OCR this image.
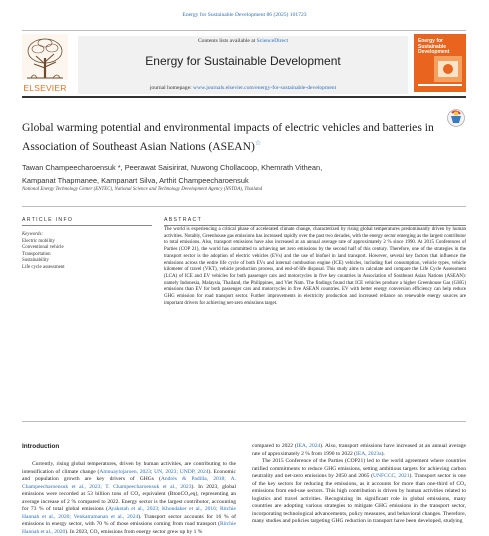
Energy for Sustainable Development 86 (2025) 101723
ELSEVIER
Contents lists available at ScienceDirect
Energy for Sustainable Development
journal homepage: www.journals.elsevier.com/energy-for-sustainable-development
Energy for Sustainable Development
Global warming potential and environmental impacts of electric vehicles and batteries in Association of Southeast Asian Nations (ASEAN)☆
Tawan Champeecharoensuk *, Peerawat Saisirirat, Nuwong Chollacoop, Khemrath Vithean,
Kampanat Thapmanee, Kampanart Silva, Arthit Champeecharoensuk
National Energy Technology Center (ENTEC), National Science and Technology Development Agency (NSTDA), Thailand
ARTICLE INFO	ABSTRACT
Keywords:
Electric mobility
Conventional vehicle
Transportation
Sustainability
Life cycle assessment
The world is experiencing a critical phase of accelerated climate change, characterized by rising global temperatures predominantly driven by human activities. Notably, Greenhouse gas emissions has increased rapidly over the past two decades, with the energy sector emerging as the largest contributor to total emissions. Also, transport emissions have also increased at an annual average rate of approximately 2 % since 1990. At 2015 Conferences of Parties (COP 21), the world has committed to achieving net zero emissions by the second half of this century. Therefore, one of the strategies in the transport sector is the adoption of electric vehicles (EVs) and the use of biofuel in land transport. However, several key factors that influence the emissions across the entire life cycle of both EVs and internal combustion engine (ICE) vehicles, including fuel consumption, vehicle types, vehicle kilometer of travel (VKT), vehicle production process, and end-of-life disposal. This study aims to calculate and compare the Life Cycle Assessment (LCA) of ICE and EV vehicles for both passenger cars and motorcycles in five key countries in Association of Southeast Asian Nations (ASEAN): namely Indonesia, Malaysia, Thailand, the Philippines, and Viet Nam. The findings found that ICE vehicles produce a higher Greenhouse Gas (GHG) emissions than EV for both passenger cars and motorcycles in five ASEAN countries. EV with better energy conversion efficiency can help reduce GHG emission for road transport sector. Further improvements in electricity production and increased reliance on renewable energy sources are important drivers for achieving net-zero emissions target.
Introduction
Currently, rising global temperatures, driven by human activities, are contributing to the intensification of climate change (Amnuaylojaroen, 2023; UN, 2023; UNDP, 2024). Economic and population growth are key drivers of GHGs (Andrés & Padilla, 2018; A. Champeecharoensuk et al., 2023; T. Champeecharoensuk et al., 2023). In 2023, global emissions were recorded at 53 billion tons of CO₂ equivalent (BtonCO₂eq), representing an average increase of 2 % compared to 2022. Energy sector is the largest contributor, accounting for 73 % of total global emissions (Ayaketah et al., 2023; Khondaker et al., 2016; Ritchie Hannah et al., 2020; Venkatramanan et al., 2024). Transport sector accounts for 16 % of emissions in energy sector, with 70 % of those emissions coming from road transport (Ritchie Hannah et al., 2020). In 2023, CO₂ emissions from energy sector grew up by 1 %
compared to 2022 (IEA, 2024). Also, transport emissions have increased at an annual average rate of approximately 2 % from 1990 to 2022 (IEA, 2023a).
The 2015 Conference of the Parties (COP21) led to the world agreement where countries ratified commitments to reduce GHG emissions, setting ambitious targets for achieving carbon neutrality and net-zero emissions by 2050 and 2065 (UNFCCC, 2021). Transport sector is one of the key sectors for reducing the emissions, as it accounts for more than one-third of CO₂ emissions from end-use sectors. This high contribution is driven by human activities related to logistics and travel activities. Recognizing its significant role in global emissions, many countries are adopting various strategies to mitigate GHG emissions in the transport sector, incorporating technological advancements, policy measures, and behavioral changes. Therefore, many studies and policies targeting GHG reduction in transport have been developed, studying
